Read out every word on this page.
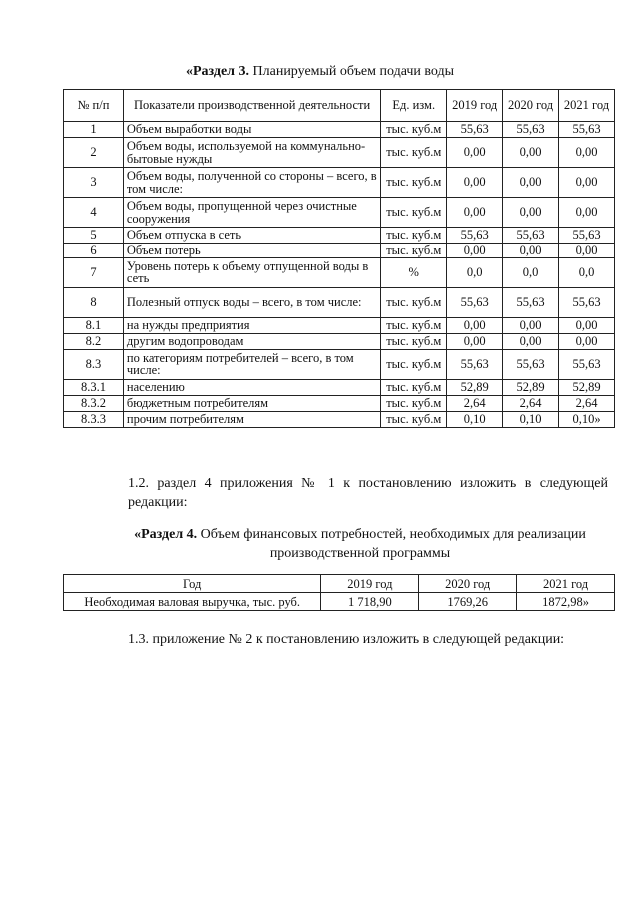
«Раздел 3. Планируемый объем подачи воды
№ п/п	Показатели производственной деятельности	Ед. изм.	2019 год	2020 год	2021 год
1	Объем выработки воды	тыс. куб.м	55,63	55,63	55,63
2	Объем воды, используемой на коммунально-бытовые нужды	тыс. куб.м	0,00	0,00	0,00
3	Объем воды, полученной со стороны – всего, в том числе:	тыс. куб.м	0,00	0,00	0,00
4	Объем воды, пропущенной через очистные сооружения	тыс. куб.м	0,00	0,00	0,00
5	Объем отпуска в сеть	тыс. куб.м	55,63	55,63	55,63
6	Объем потерь	тыс. куб.м	0,00	0,00	0,00
7	Уровень потерь к объему отпущенной воды в сеть	%	0,0	0,0	0,0
8	Полезный отпуск воды – всего, в том числе:	тыс. куб.м	55,63	55,63	55,63
8.1	на нужды предприятия	тыс. куб.м	0,00	0,00	0,00
8.2	другим водопроводам	тыс. куб.м	0,00	0,00	0,00
8.3	по категориям потребителей – всего, в том числе:	тыс. куб.м	55,63	55,63	55,63
8.3.1	населению	тыс. куб.м	52,89	52,89	52,89
8.3.2	бюджетным потребителям	тыс. куб.м	2,64	2,64	2,64
8.3.3	прочим потребителям	тыс. куб.м	0,10	0,10	0,10»
1.2. раздел 4 приложения № 1 к постановлению изложить в следующей редакции:
«Раздел 4. Объем финансовых потребностей, необходимых для реализации производственной программы
Год	2019 год	2020 год	2021 год
Необходимая валовая выручка, тыс. руб.	1 718,90	1769,26	1872,98»
1.3. приложение № 2 к постановлению изложить в следующей редакции:
